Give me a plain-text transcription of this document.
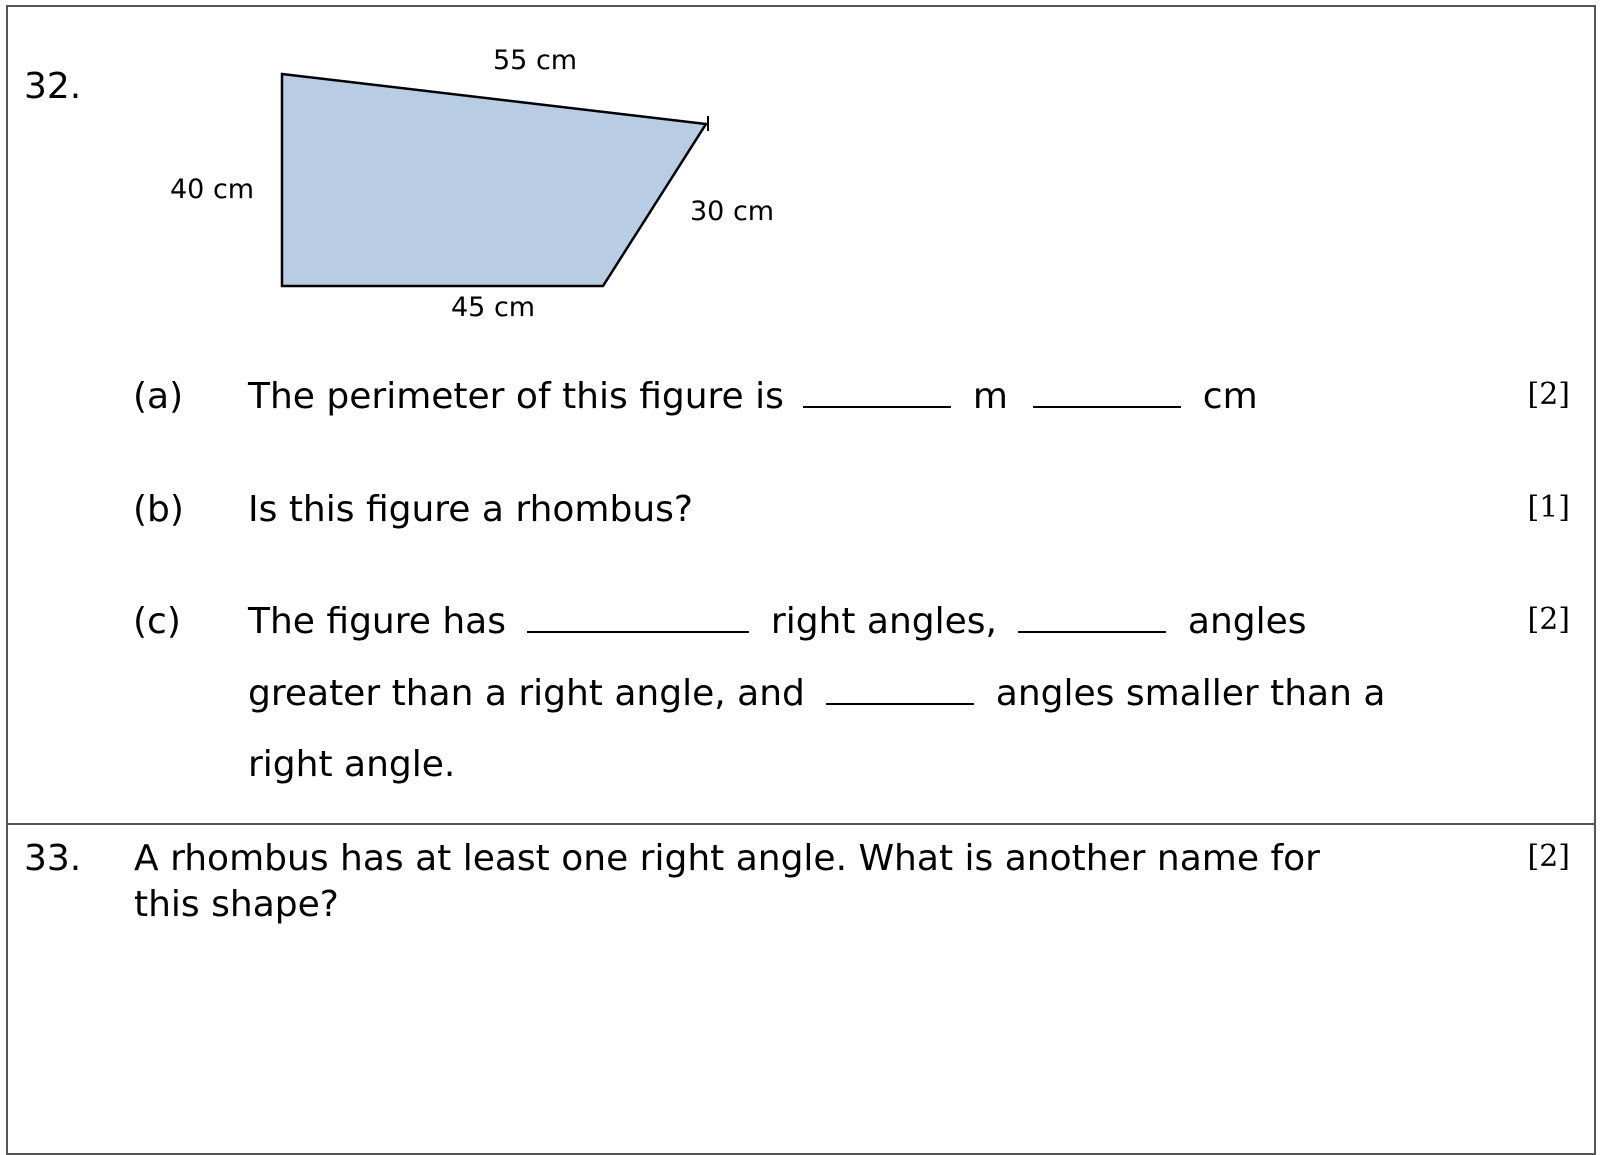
32.
55 cm
40 cm
30 cm
45 cm
(a) The perimeter of this figure is	m	cm	[2]
(b) Is this figure a rhombus?	[1]
(c) The figure has	right angles,	angles	[2]
greater than a right angle, and	angles smaller than a
right angle.
33. A rhombus has at least one right angle. What is another name for
this shape?
[2]
